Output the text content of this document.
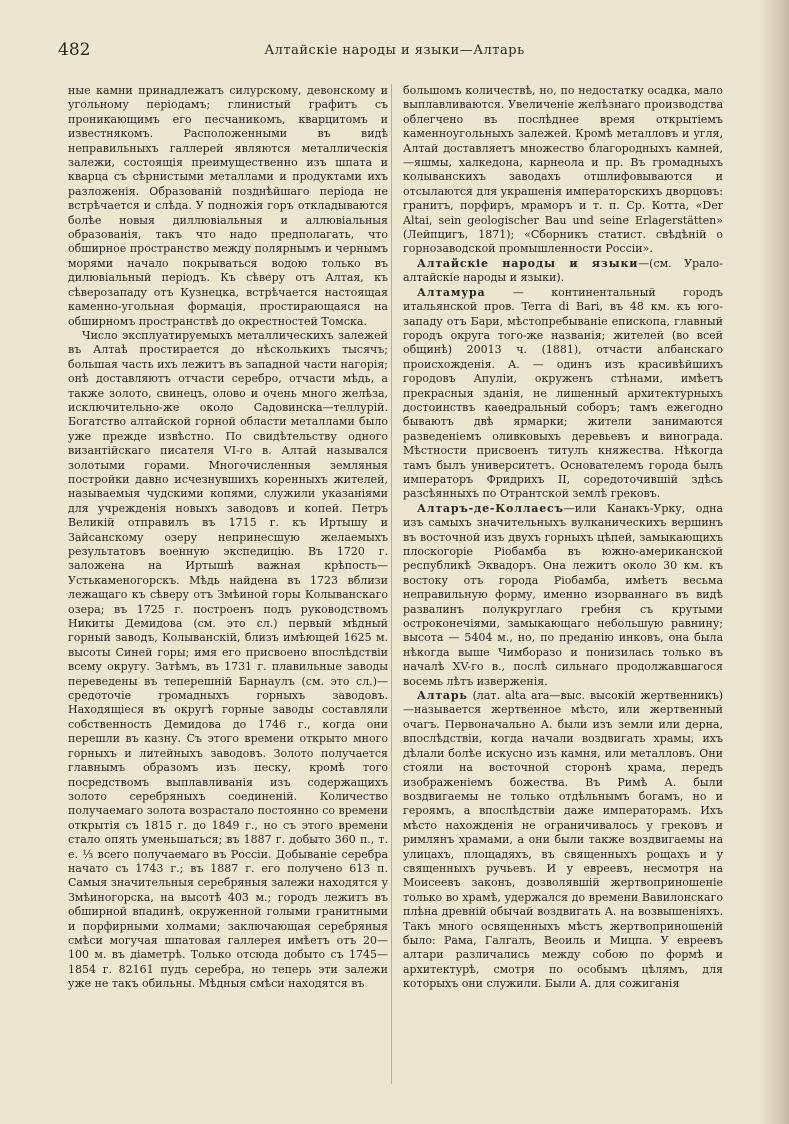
482	Алтайскіе народы и языки—Алтарь

ные камни принадлежатъ силурскому, девонскому и угольному періодамъ; глинистый графитъ съ проникающимъ его песчаникомъ, кварцитомъ и известнякомъ. Расположенными въ видѣ неправильныхъ галлерей являются металлическія залежи, состоящія преимущественно изъ шпата и кварца съ сѣрнистыми металлами и продуктами ихъ разложенія. Образованій позднѣйшаго періода не встрѣчается и слѣда. У подножія горъ откладываются болѣе новыя диллювіальныя и аллювіальныя образованія, такъ что надо предполагать, что обширное пространство между полярнымъ и чернымъ морями начало покрываться водою только въ дилювіальный періодъ. Къ сѣверу отъ Алтая, къ сѣверозападу отъ Кузнецка, встрѣчается настоящая каменно-угольная формація, простирающаяся на обширномъ пространствѣ до окрестностей Томска.

Число эксплуатируемыхъ металлическихъ залежей въ Алтаѣ простирается до нѣсколькихъ тысячъ; большая часть ихъ лежитъ въ западной части нагорія; онѣ доставляютъ отчасти серебро, отчасти мѣдь, а также золото, свинецъ, олово и очень много желѣза, исключительно-же около Садовинска—теллурій. Богатство алтайской горной области металлами было уже прежде извѣстно. По свидѣтельству одного византійскаго писателя VI-го в. Алтай назывался золотыми горами. Многочисленныя земляныя постройки давно исчезнувшихъ коренныхъ жителей, называемыя чудскими копями, служили указаніями для учрежденія новыхъ заводовъ и копей. Петръ Великій отправилъ въ 1715 г. къ Иртышу и Зайсанскому озеру непринесшую желаемыхъ результатовъ военную экспедицію. Въ 1720 г. заложена на Иртышѣ важная крѣпость—Устькаменогорскъ. Мѣдь найдена въ 1723 вблизи лежащаго къ сѣверу отъ Змѣиной горы Колыванскаго озера; въ 1725 г. построенъ подъ руководствомъ Никиты Демидова (см. это сл.) первый мѣдный горный заводъ, Колыванскій, близъ имѣющей 1625 м. высоты Синей горы; имя его присвоено впослѣдствіи всему округу. Затѣмъ, въ 1731 г. плавильные заводы переведены въ теперешній Барнаулъ (см. это сл.)—средоточіе громадныхъ горныхъ заводовъ. Находящіеся въ округѣ горные заводы составляли собственность Демидова до 1746 г., когда они перешли въ казну. Съ этого времени открыто много горныхъ и литейныхъ заводовъ. Золото получается главнымъ образомъ изъ песку, кромѣ того посредствомъ выплавливанія изъ содержащихъ золото серебряныхъ соединеній. Количество получаемаго золота возрастало постоянно со времени открытія съ 1815 г. до 1849 г., но съ этого времени стало опять уменьшаться; въ 1887 г. добыто 360 п., т. е. ⅓ всего получаемаго въ Россіи. Добываніе серебра начато съ 1743 г.; въ 1887 г. его получено 613 п. Самыя значительныя серебряныя залежи находятся у Змѣиногорска, на высотѣ 403 м.; городъ лежитъ въ обширной впадинѣ, окруженной голыми гранитными и порфирными холмами; заключающая серебряныя смѣси могучая шпатовая галлерея имѣетъ отъ 20—100 м. въ діаметрѣ. Только отсюда добыто съ 1745—1854 г. 82161 пудъ серебра, но теперь эти залежи уже не такъ обильны. Мѣдныя смѣси находятся въ

большомъ количествѣ, но, по недостатку осадка, мало выплавливаются. Увеличеніе желѣзнаго производства облегчено въ послѣднее время открытіемъ каменноугольныхъ залежей. Кромѣ металловъ и угля, Алтай доставляетъ множество благородныхъ камней,—яшмы, халкедона, карнеола и пр. Въ громадныхъ колыванскихъ заводахъ отшлифовываются и отсылаются для украшенія императорскихъ дворцовъ: гранитъ, порфиръ, мраморъ и т. п. Ср. Котта, «Der Altai, sein geologischer Bau und seine Erlagerstätten» (Лейпцигъ, 1871); «Сборникъ статист. свѣдѣній о горнозаводской промышленности Россіи».

Алтайскіе народы и языки—(см. Урало-алтайскіе народы и языки).

Алтамура — континентальный городъ итальянской пров. Terra di Bari, въ 48 км. къ юго-западу отъ Бари, мѣстопребываніе епископа, главный городъ округа того-же названія; жителей (во всей общинѣ) 20013 ч. (1881), отчасти албанскаго происхожденія. А. — одинъ изъ красивѣйшихъ городовъ Апуліи, окруженъ стѣнами, имѣетъ прекрасныя зданія, не лишенный архитектурныхъ достоинствъ каѳедральный соборъ; тамъ ежегодно бываютъ двѣ ярмарки; жители занимаются разведеніемъ оливковыхъ деревьевъ и винограда. Мѣстности присвоенъ титулъ княжества. Нѣкогда тамъ былъ университетъ. Основателемъ города былъ императоръ Фридрихъ II, соредоточившій здѣсь разсѣянныхъ по Отрантской землѣ грековъ.

Алтаръ-де-Коллаесъ—или Канакъ-Урку, одна изъ самыхъ значительныхъ вулканическихъ вершинъ въ восточной изъ двухъ горныхъ цѣпей, замыкающихъ плоскогоріе Ріобамба въ южно-американской республикѣ Эквадоръ. Она лежитъ около 30 км. къ востоку отъ города Ріобамба, имѣетъ весьма неправильную форму, именно изорваннаго въ видѣ развалинъ полукруглаго гребня съ крутыми остроконечіями, замыкающаго небольшую равнину; высота — 5404 м., но, по преданію инковъ, она была нѣкогда выше Чимборазо и понизилась только въ началѣ XV-го в., послѣ сильнаго продолжавшагося восемь лѣтъ изверженія.

Алтарь (лат. alta ara—выс. высокій жертвенникъ)—называется жертвенное мѣсто, или жертвенный очагъ. Первоначально А. были изъ земли или дерна, впослѣдствіи, когда начали воздвигать храмы, ихъ дѣлали болѣе искусно изъ камня, или металловъ. Они стояли на восточной сторонѣ храма, передъ изображеніемъ божества. Въ Римѣ А. были воздвигаемы не только отдѣльнымъ богамъ, но и героямъ, а впослѣдствіи даже императорамъ. Ихъ мѣсто нахожденія не ограничивалось у грековъ и римлянъ храмами, а они были также воздвигаемы на улицахъ, площадяхъ, въ священныхъ рощахъ и у священныхъ ручьевъ. И у евреевъ, несмотря на Моисеевъ законъ, дозволявшій жертвоприношеніе только во храмѣ, удержался до времени Вавилонскаго плѣна древній обычай воздвигать А. на возвышеніяхъ. Такъ много освященныхъ мѣстъ жертвоприношеній было: Рама, Галгалъ, Веоиль и Мицпа. У евреевъ алтари различались между собою по формѣ и архитектурѣ, смотря по особымъ цѣлямъ, для которыхъ они служили. Были А. для сожиганія
